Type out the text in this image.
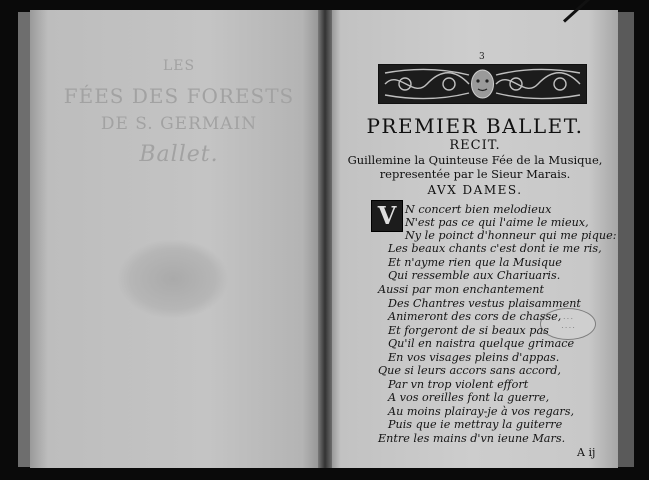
LES
FÉES DES FORESTS
DE S. GERMAIN
Ballet.
· · ·
· · · ·
3
PREMIER BALLET.
RECIT.
Guillemine la Quinteuse Fée de la Musique,
representée par le Sieur Marais.
AVX DAMES.
V N concert bien melodieux
N'est pas ce qui l'aime le mieux,
Ny le poinct d'honneur qui me pique:
Les beaux chants c'est dont ie me ris,
Et n'ayme rien que la Musique
Qui ressemble aux Chariuaris.
Aussi par mon enchantement
Des Chantres vestus plaisamment
Animeront des cors de chasse,
Et forgeront de si beaux pas
Qu'il en naistra quelque grimace
En vos visages pleins d'appas.
Que si leurs accors sans accord,
Par vn trop violent effort
A vos oreilles font la guerre,
Au moins plairay-je à vos regars,
Puis que ie mettray la guiterre
Entre les mains d'vn ieune Mars.
A ij
